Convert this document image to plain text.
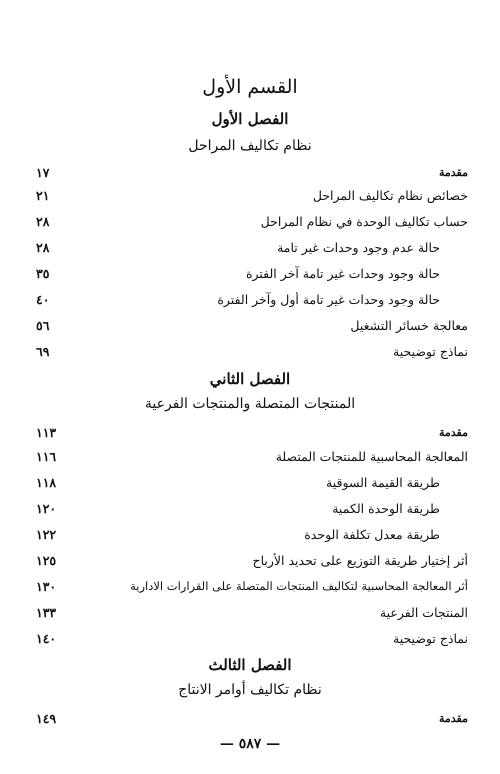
القسم الأول
الفصل الأول
نظام تكاليف المراحل
مقدمة
١٧
خصائص نظام تكاليف المراحل
٢١
حساب تكاليف الوحدة في نظام المراحل
٢٨
حالة عدم وجود وحدات غير تامة
٢٨
حالة وجود وحدات غير تامة آخر الفترة
٣٥
حالة وجود وحدات غير تامة أول وآخر الفترة
٤٠
معالجة خسائر التشغيل
٥٦
نماذج توضيحية
٦٩
الفصل الثاني
المنتجات المتصلة والمنتجات الفرعية
مقدمة
١١٣
المعالجة المحاسبية للمنتجات المتصلة
١١٦
طريقة القيمة السوقية
١١٨
طريقة الوحدة الكمية
١٢٠
طريقة معدل تكلفة الوحدة
١٢٢
أثر إختيار طريقة التوزيع على تحديد الأرباح
١٢٥
أثر المعالجة المحاسبية لتكاليف المنتجات المتصلة على القرارات الادارية
١٣٠
المنتجات الفرعية
١٣٣
نماذج توضيحية
١٤٠
الفصل الثالث
نظام تكاليف أوامر الانتاج
مقدمة
١٤٩
— ٥٨٧ —
